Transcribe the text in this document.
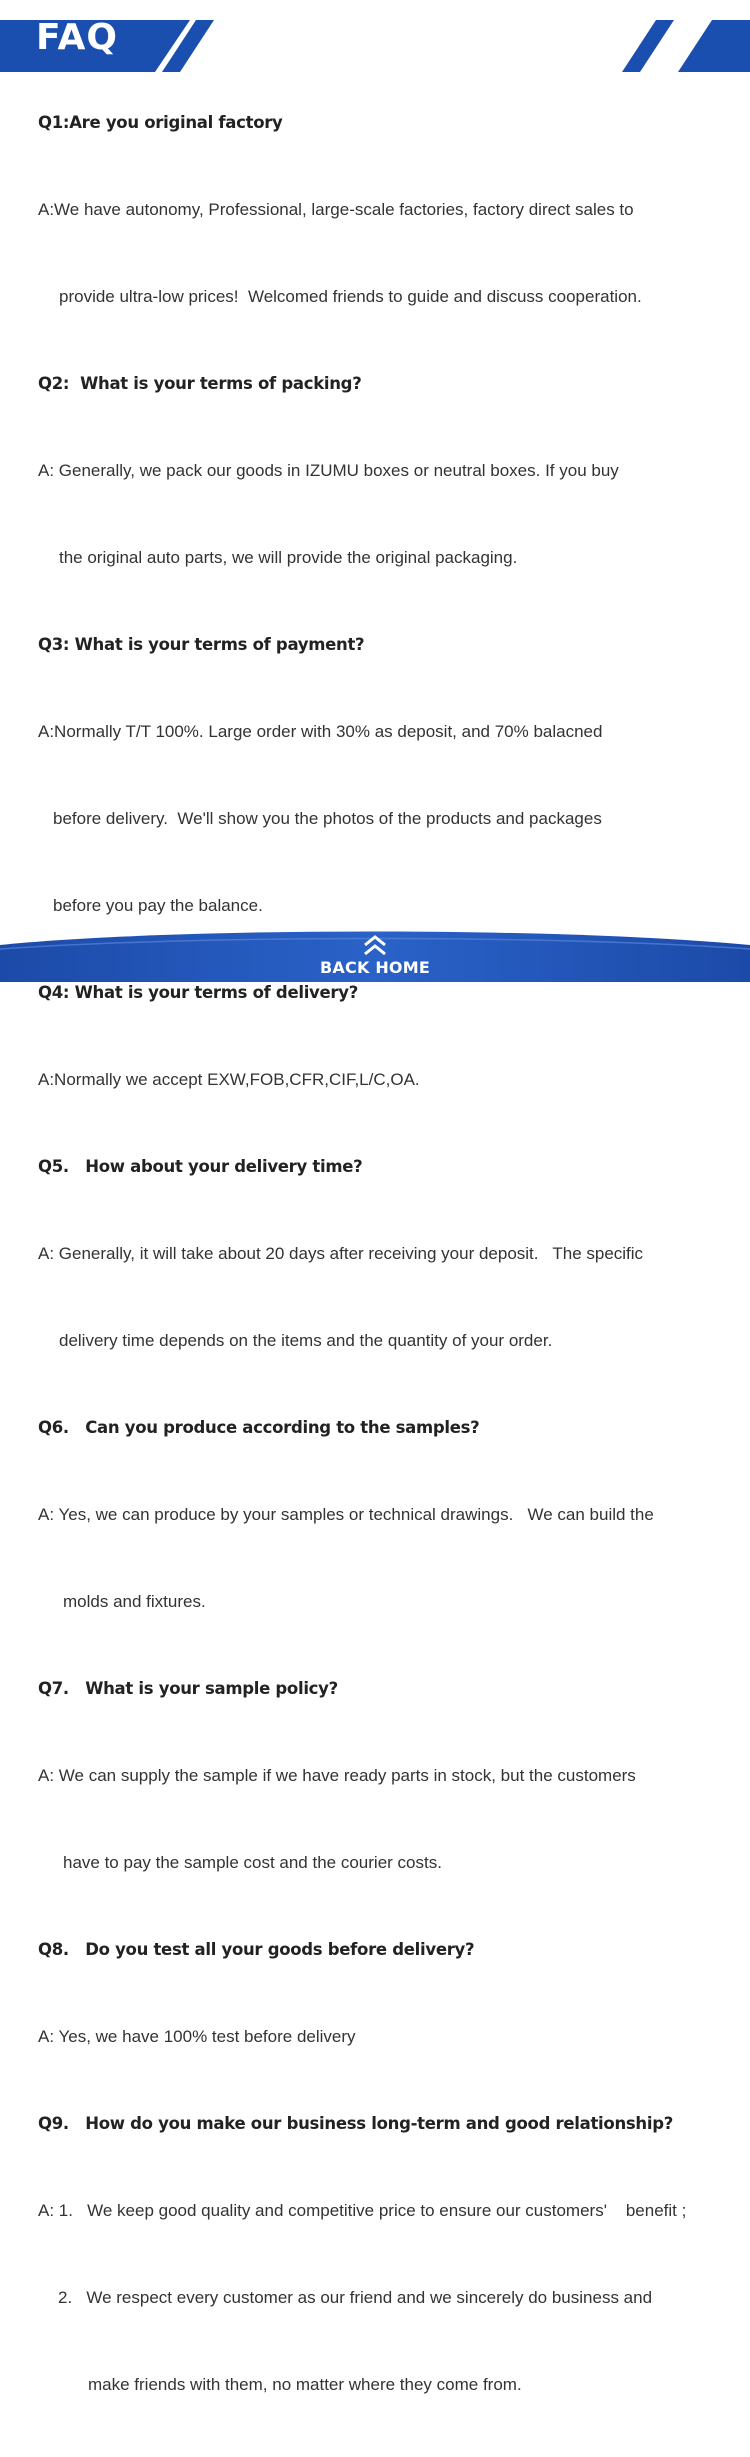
FAQ
Q1:Are you original factory

A:We have autonomy, Professional, large-scale factories, factory direct sales to

provide ultra-low prices!  Welcomed friends to guide and discuss cooperation.

Q2:  What is your terms of packing?

A: Generally, we pack our goods in IZUMU boxes or neutral boxes. If you buy

the original auto parts, we will provide the original packaging.

Q3: What is your terms of payment?

A:Normally T/T 100%. Large order with 30% as deposit, and 70% balacned

before delivery.  We'll show you the photos of the products and packages

before you pay the balance.

Q4: What is your terms of delivery?

A:Normally we accept EXW,FOB,CFR,CIF,L/C,OA.

Q5.   How about your delivery time?

A: Generally, it will take about 20 days after receiving your deposit.   The specific

delivery time depends on the items and the quantity of your order.

Q6.   Can you produce according to the samples?

A: Yes, we can produce by your samples or technical drawings.   We can build the

molds and fixtures.

Q7.   What is your sample policy?

A: We can supply the sample if we have ready parts in stock, but the customers

have to pay the sample cost and the courier costs.

Q8.   Do you test all your goods before delivery?

A: Yes, we have 100% test before delivery

Q9.   How do you make our business long-term and good relationship?

A: 1.   We keep good quality and competitive price to ensure our customers'    benefit ;

2.   We respect every customer as our friend and we sincerely do business and

make friends with them, no matter where they come from.

BACK HOME
